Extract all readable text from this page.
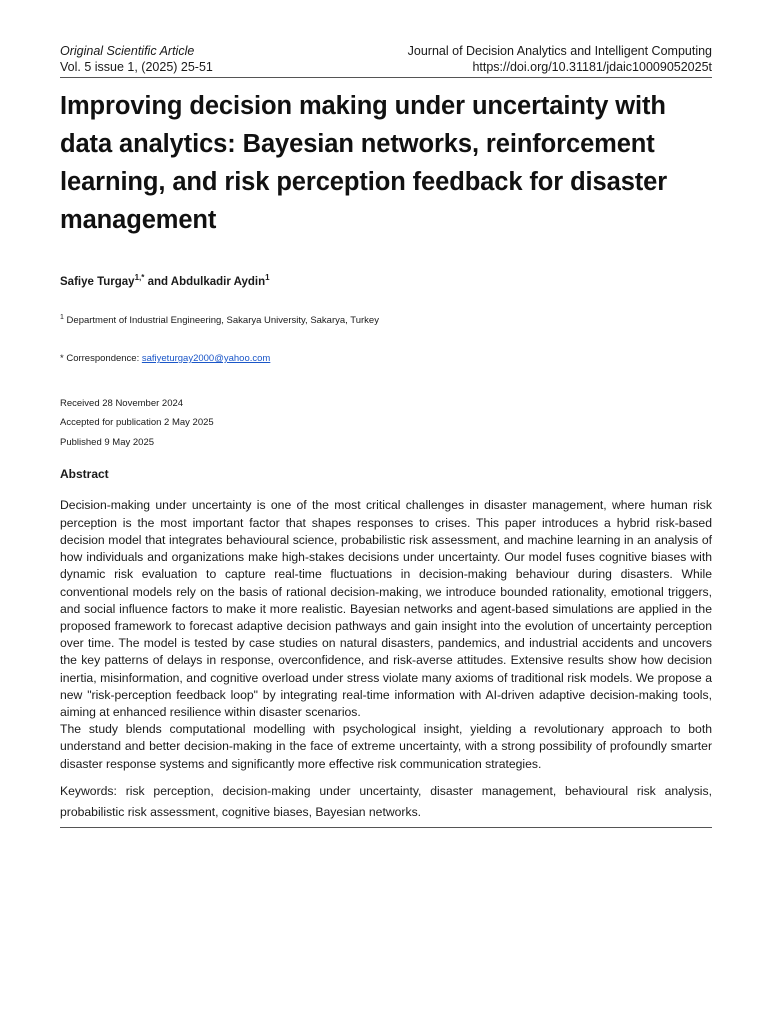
Original Scientific Article	Journal of Decision Analytics and Intelligent Computing
Vol. 5 issue 1, (2025) 25-51	https://doi.org/10.31181/jdaic10009052025t
Improving decision making under uncertainty with data analytics: Bayesian networks, reinforcement learning, and risk perception feedback for disaster management
Safiye Turgay$^{1,*}$ and Abdulkadir Aydin$^1$
$^1$ Department of Industrial Engineering, Sakarya University, Sakarya, Turkey
* Correspondence: safiyeturgay2000@yahoo.com
Received 28 November 2024
Accepted for publication 2 May 2025
Published 9 May 2025
Abstract

Decision-making under uncertainty is one of the most critical challenges in disaster management, where human risk perception is the most important factor that shapes responses to crises. This paper introduces a hybrid risk-based decision model that integrates behavioural science, probabilistic risk assessment, and machine learning in an analysis of how individuals and organizations make high-stakes decisions under uncertainty. Our model fuses cognitive biases with dynamic risk evaluation to capture real-time fluctuations in decision-making behaviour during disasters. While conventional models rely on the basis of rational decision-making, we introduce bounded rationality, emotional triggers, and social influence factors to make it more realistic. Bayesian networks and agent-based simulations are applied in the proposed framework to forecast adaptive decision pathways and gain insight into the evolution of uncertainty perception over time. The model is tested by case studies on natural disasters, pandemics, and industrial accidents and uncovers the key patterns of delays in response, overconfidence, and risk-averse attitudes. Extensive results show how decision inertia, misinformation, and cognitive overload under stress violate many axioms of traditional risk models. We propose a new "risk-perception feedback loop" by integrating real-time information with AI-driven adaptive decision-making tools, aiming at enhanced resilience within disaster scenarios.

The study blends computational modelling with psychological insight, yielding a revolutionary approach to both understand and better decision-making in the face of extreme uncertainty, with a strong possibility of profoundly smarter disaster response systems and significantly more effective risk communication strategies.

Keywords: risk perception, decision-making under uncertainty, disaster management, behavioural risk analysis, probabilistic risk assessment, cognitive biases, Bayesian networks.
